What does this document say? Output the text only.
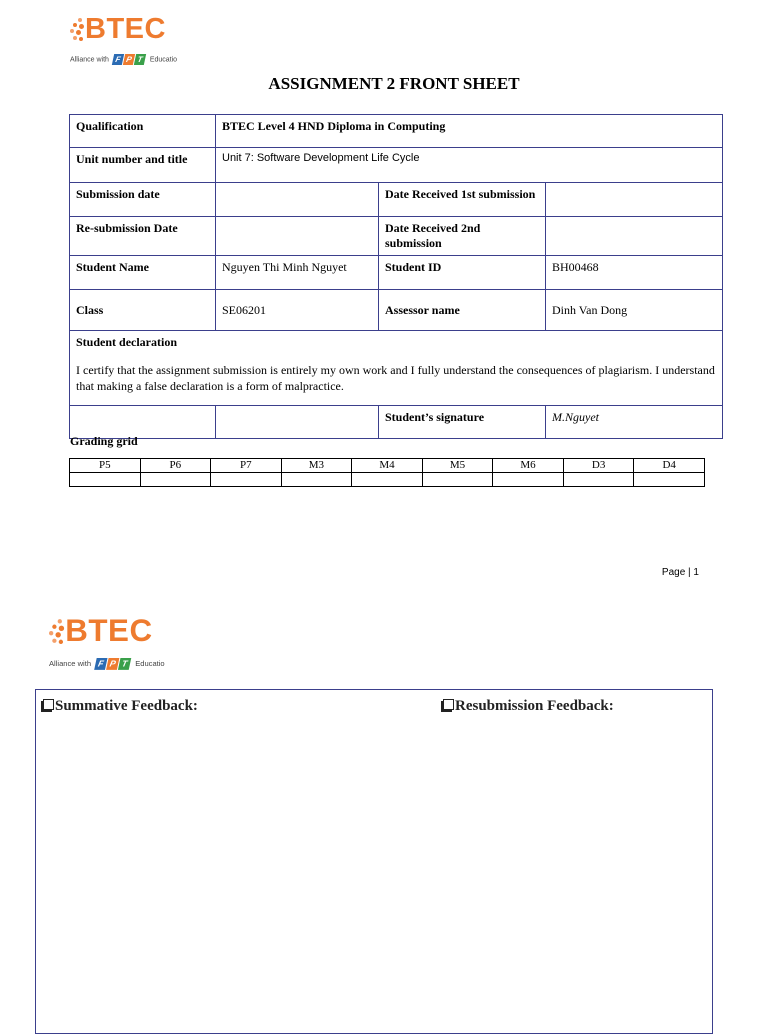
BTEC
Alliance with F P T Educatio
ASSIGNMENT 2 FRONT SHEET
Qualification	BTEC Level 4 HND Diploma in Computing		
Unit number and title	Unit 7: Software Development Life Cycle		
Submission date		Date Received 1st submission	
Re-submission Date		Date Received 2nd submission	
Student Name	Nguyen Thi Minh Nguyet	Student ID	BH00468
Class	SE06201	Assessor name	Dinh Van Dong

Student declaration
I certify that the assignment submission is entirely my own work and I fully understand the consequences of plagiarism. I understand that making a false declaration is a form of malpractice.			

		Student’s signature	M.Nguyet
Grading grid
P5	P6	P7	M3	M4	M5	M6	D3	D4

Page | 1
BTEC
Alliance with F P T Educatio
Summative Feedback:	Resubmission Feedback:
